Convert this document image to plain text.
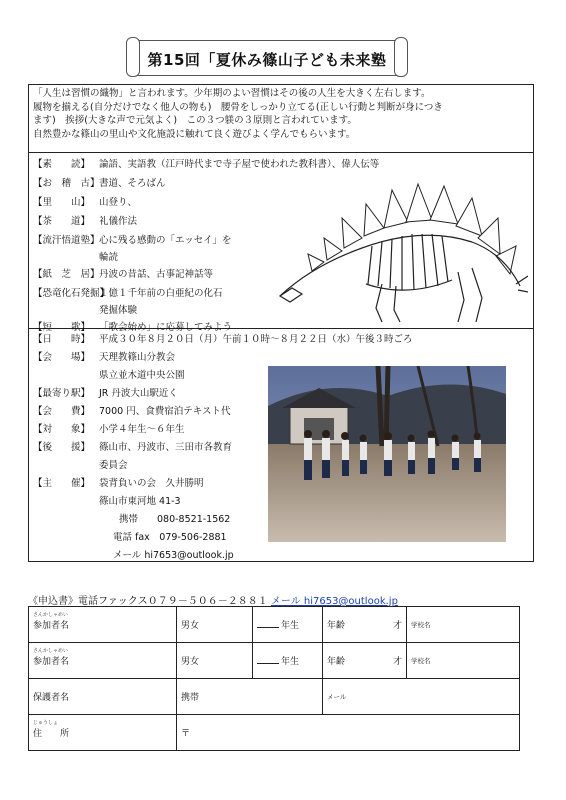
第15回「夏休み篠山子ども未来塾

「人生は習慣の織物」と言われます。少年期のよい習慣はその後の人生を大きく左右します。

履物を揃える(自分だけでなく他人の物も)　腰骨をしっかり立てる(正しい行動と判断が身につき

ます)　挨拶(大きな声で元気よく)　この３つ躾の３原則と言われています。

自然豊かな篠山の里山や文化施設に触れて良く遊びよく学んでもらいます。

【素　　読】 論語、実語教（江戸時代まで寺子屋で使われた教科書）、偉人伝等
【お　稽　古】 書道、そろばん
【里　　山】 山登り、
【茶　　道】 礼儀作法
【流汗悟道塾】 心に残る感動の「エッセイ」を
輪読
【紙　芝　居】 丹波の昔話、古事記神話等
【恐竜化石発掘】
１億１千年前の白亜紀の化石
発掘体験
【短　　歌】 「歌会始め」に応募してみよう
【日　　時】 平成３０年８月２０日（月）午前１０時～８月２２日（水）午後３時ごろ
【会　　場】 天理教篠山分教会
県立並木道中央公園
【最寄り駅】 JR 丹波大山駅近く
【会　　費】 7000 円、食費宿泊テキスト代
【対　　象】 小学４年生～６年生
【後　　援】 篠山市、丹波市、三田市各教育
委員会
【主　　催】 袋背負いの会　久井勝明
篠山市東河地 41-3
携帯　　080-8521-1562
電話 fax　079-506-2881
メール hi7653@outlook.jp
《申込書》電話ファックス０７９－５０６－２８８１ メール hi7653@outlook.jp
さんかしゃめい
参加者名	男女	年生	年齢 才	学校名

さんかしゃめい
参加者名	男女	年生	年齢 才	学校名
保護者名	携帯		メール	

じゅうしょ
住　　所	〒			
